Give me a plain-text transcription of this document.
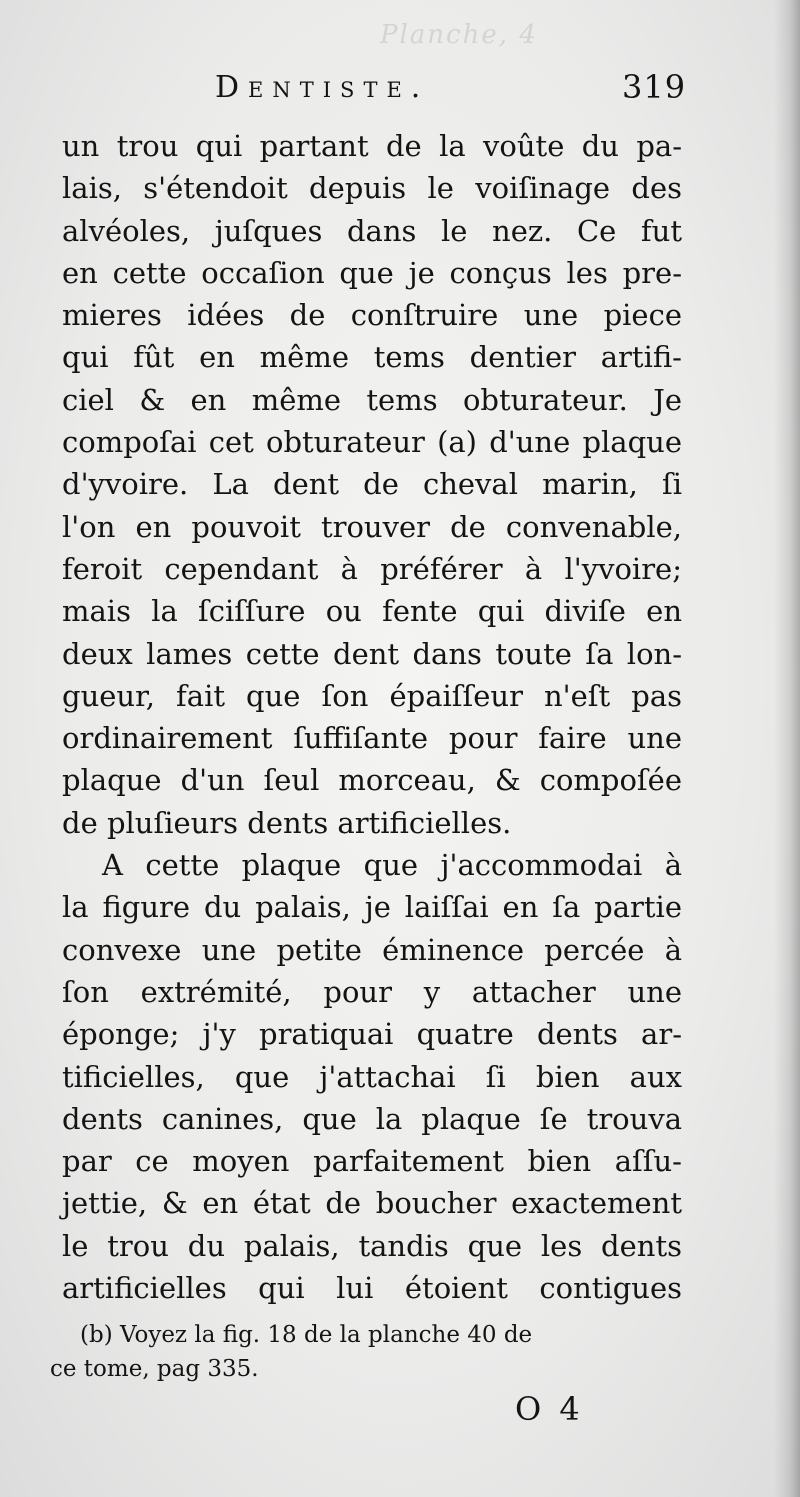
Planche, 4
Dentiste.	319
un trou qui partant de la voûte du pa-
lais, s'étendoit depuis le voiſinage des
alvéoles, juſques dans le nez. Ce fut
en cette occaſion que je conçus les pre-
mieres idées de conſtruire une piece
qui fût en même tems dentier artifi-
ciel & en même tems obturateur. Je
compoſai cet obturateur (a) d'une plaque
d'yvoire. La dent de cheval marin, ſi
l'on en pouvoit trouver de convenable,
feroit cependant à préférer à l'yvoire;
mais la ſciſſure ou fente qui diviſe en
deux lames cette dent dans toute ſa lon-
gueur, fait que ſon épaiſſeur n'eſt pas
ordinairement ſuffiſante pour faire une
plaque d'un ſeul morceau, & compoſée
de pluſieurs dents artificielles.
A cette plaque que j'accommodai à
la figure du palais, je laiſſai en ſa partie
convexe une petite éminence percée à
ſon extrémité, pour y attacher une
éponge; j'y pratiquai quatre dents ar-
tificielles, que j'attachai ſi bien aux
dents canines, que la plaque ſe trouva
par ce moyen parfaitement bien aſſu-
jettie, & en état de boucher exactement
le trou du palais, tandis que les dents
artificielles qui lui étoient contigues
(b) Voyez la fig. 18 de la planche 40 de
ce tome, pag 335.
O 4
